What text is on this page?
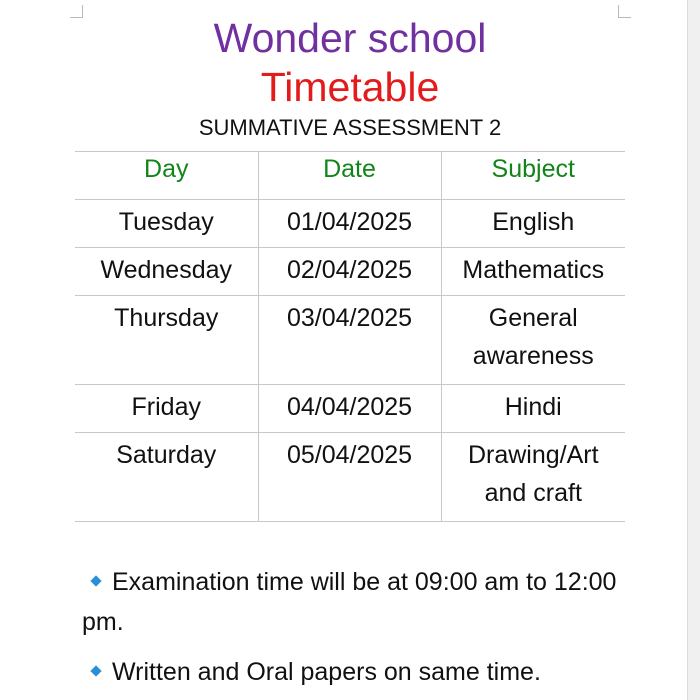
Wonder school
Timetable
SUMMATIVE ASSESSMENT 2
Day	Date	Subject
Tuesday	01/04/2025	English
Wednesday	02/04/2025	Mathematics
Thursday	03/04/2025	General awareness
Friday	04/04/2025	Hindi
Saturday	05/04/2025	Drawing/Art and craft
Examination time will be at 09:00 am to 12:00 pm.
Written and Oral papers on same time.
